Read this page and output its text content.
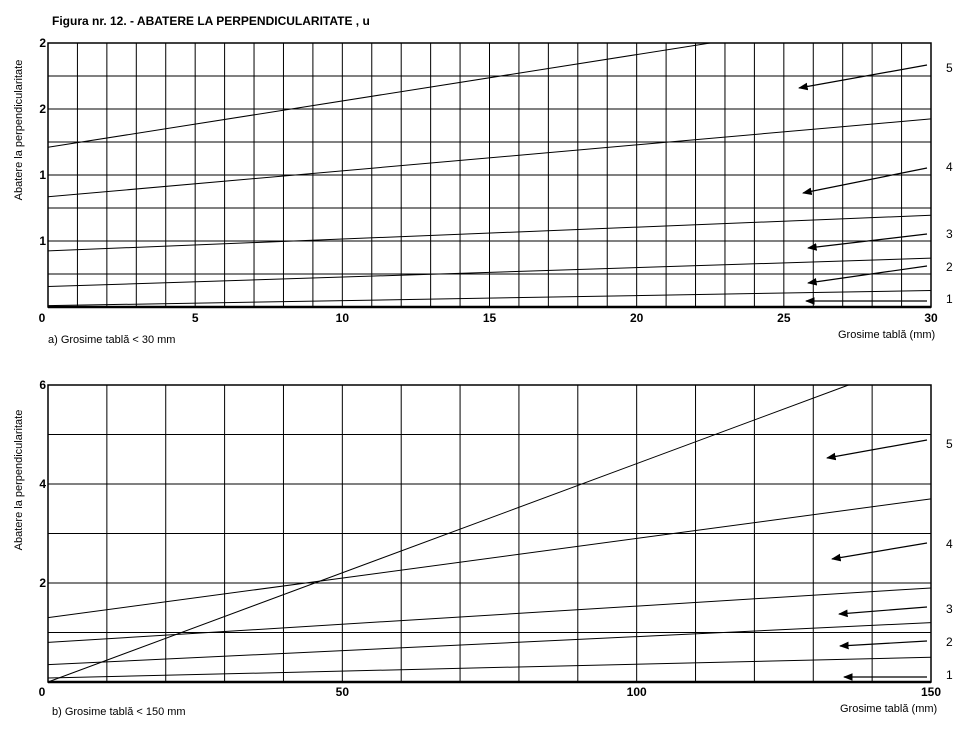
Figura nr. 12. - ABATERE LA PERPENDICULARITATE , u
0	5	10	15	20	25	30
1
1
2
2
Abatere la perpendicularitate
Grosime tablă (mm)
a) Grosime tablă < 30 mm
1
2
3
4
5
0	50	100	150
2
4
6
Abatere la perpendicularitate
Grosime tablă (mm)
b) Grosime tablă < 150 mm
1
2
3
4
5
